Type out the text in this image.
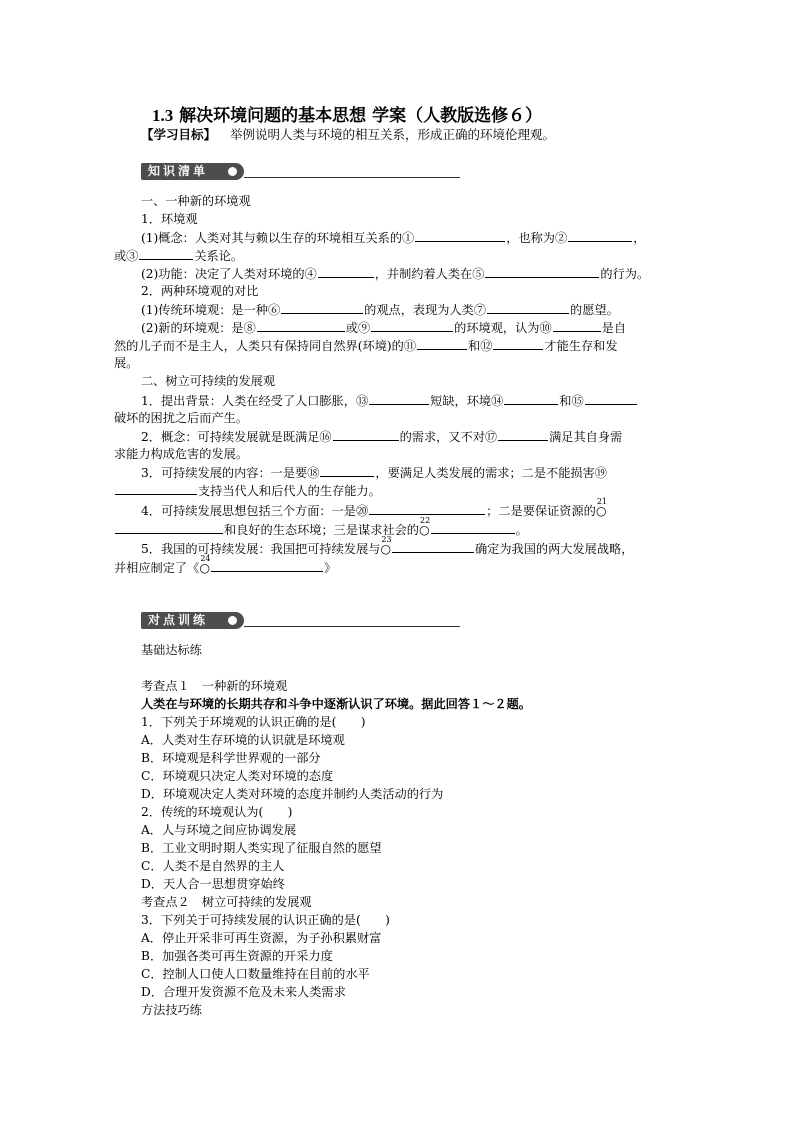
1.3 解决环境问题的基本思想 学案（人教版选修６）
【学习目标】 举例说明人类与环境的相互关系，形成正确的环境伦理观。
知识清单
一、一种新的环境观
1．环境观
(1)概念：人类对其与赖以生存的环境相互关系的①	，也称为②	，
或③	关系论。
(2)功能：决定了人类对环境的④	，并制约着人类在⑤	的行为。
2．两种环境观的对比
(1)传统环境观：是一种⑥	的观点，表现为人类⑦	的愿望。
(2)新的环境观：是⑧	或⑨	的环境观，认为⑩	是自
然的儿子而不是主人，人类只有保持同自然界(环境)的⑪	和⑫	才能生存和发
展。
二、树立可持续的发展观
1．提出背景：人类在经受了人口膨胀，⑬	短缺，环境⑭	和⑮
破坏的困扰之后而产生。
2．概念：可持续发展就是既满足⑯	的需求，又不对⑰	满足其自身需
求能力构成危害的发展。
3．可持续发展的内容：一是要⑱	，要满足人类发展的需求；二是不能损害⑲
支持当代人和后代人的生存能力。
4．可持续发展思想包括三个方面：一是⑳	；二是要保证资源的○
21
和良好的生态环境；三是谋求社会的○
22
。
5．我国的可持续发展：我国把可持续发展与○
23
确定为我国的两大发展战略，
并相应制定了《○
24
》
对点训练
基础达标练
考查点１　一种新的环境观
人类在与环境的长期共存和斗争中逐渐认识了环境。据此回答１～２题。
1．下列关于环境观的认识正确的是(　　)
A．人类对生存环境的认识就是环境观
B．环境观是科学世界观的一部分
C．环境观只决定人类对环境的态度
D．环境观决定人类对环境的态度并制约人类活动的行为
2．传统的环境观认为(　　)
A．人与环境之间应协调发展
B．工业文明时期人类实现了征服自然的愿望
C．人类不是自然界的主人
D．天人合一思想贯穿始终
考查点２　树立可持续的发展观
3．下列关于可持续发展的认识正确的是(　　)
A．停止开采非可再生资源，为子孙积累财富
B．加强各类可再生资源的开采力度
C．控制人口使人口数量维持在目前的水平
D．合理开发资源不危及未来人类需求
方法技巧练
